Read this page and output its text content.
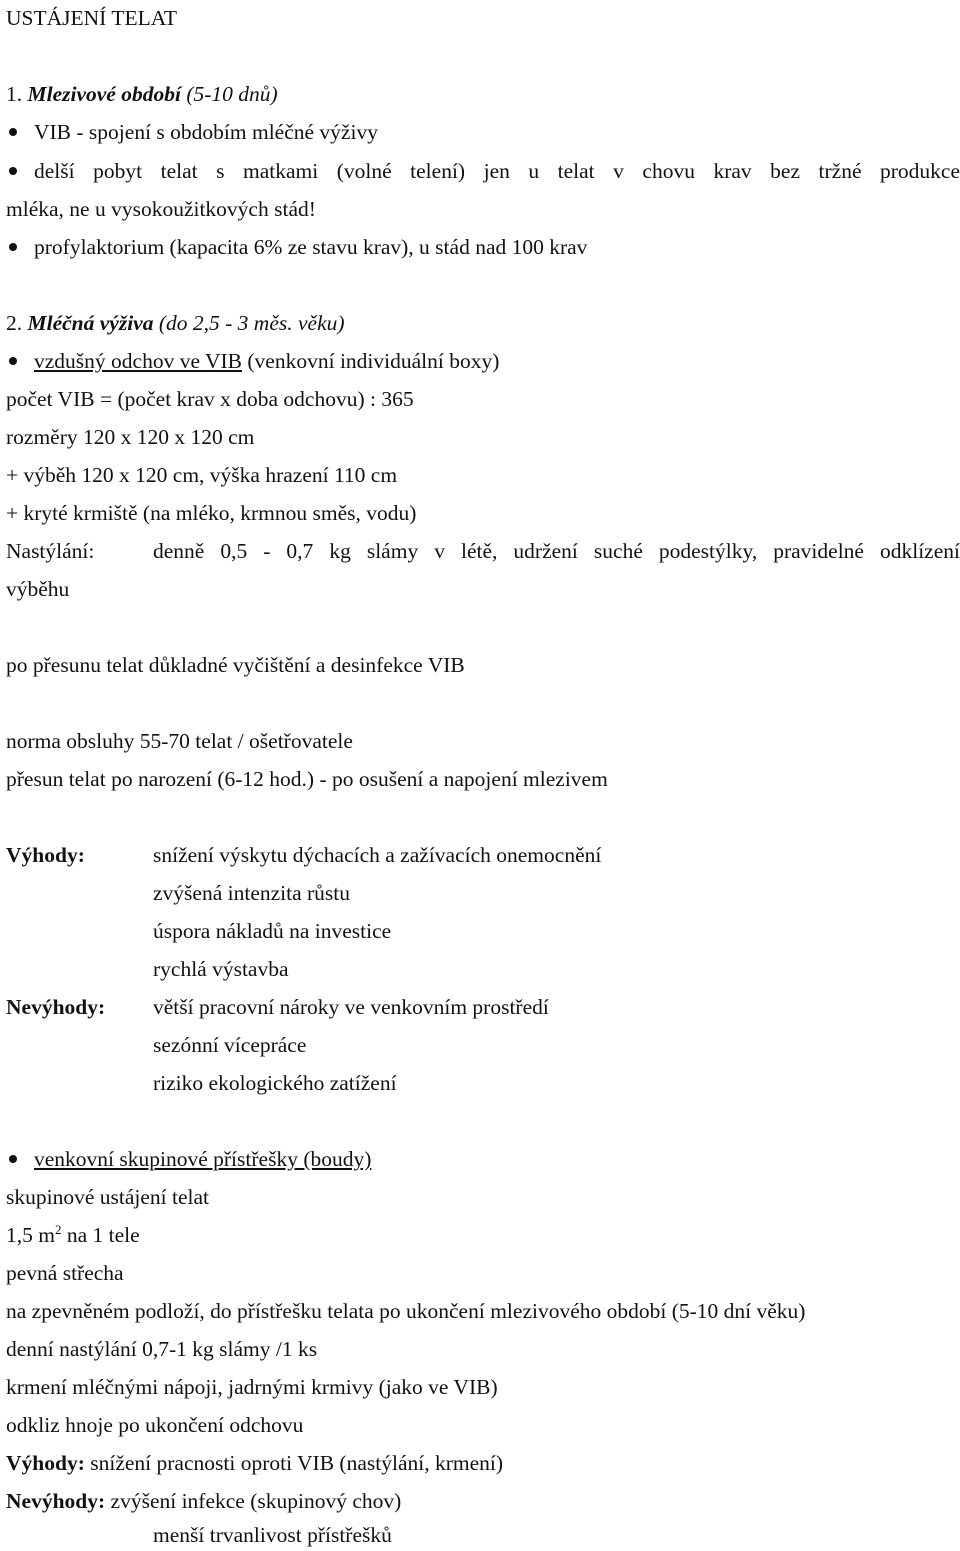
USTÁJENÍ TELAT
1. Mlezivové období (5-10 dnů)
VIB - spojení s obdobím mléčné výživy
delší pobyt telat s matkami (volné telení) jen u telat v chovu krav bez tržné produkce
mléka, ne u vysokoužitkových stád!
profylaktorium (kapacita 6% ze stavu krav), u stád nad 100 krav
2. Mléčná výživa (do 2,5 - 3 měs. věku)
vzdušný odchov ve VIB (venkovní individuální boxy)
počet VIB = (počet krav x doba odchovu) : 365
rozměry 120 x 120 x 120 cm
+ výběh 120 x 120 cm, výška hrazení 110 cm
+ kryté krmiště (na mléko, krmnou směs, vodu)
Nastýlání:	denně 0,5 - 0,7 kg slámy v létě, udržení suché podestýlky, pravidelné odklízení
výběhu
po přesunu telat důkladné vyčištění a desinfekce VIB
norma obsluhy 55-70 telat / ošetřovatele
přesun telat po narození (6-12 hod.) - po osušení a napojení mlezivem
Výhody:	snížení výskytu dýchacích a zažívacích onemocnění
zvýšená intenzita růstu
úspora nákladů na investice
rychlá výstavba
Nevýhody: větší pracovní nároky ve venkovním prostředí
sezónní vícepráce
riziko ekologického zatížení
venkovní skupinové přístřešky (boudy)
skupinové ustájení telat
1,5 $m^2$ na 1 tele
pevná střecha
na zpevněném podloží, do přístřešku telata po ukončení mlezivového období (5-10 dní věku)
denní nastýlání 0,7-1 kg slámy /1 ks
krmení mléčnými nápoji, jadrnými krmivy (jako ve VIB)
odkliz hnoje po ukončení odchovu
Výhody: snížení pracnosti oproti VIB (nastýlání, krmení)
Nevýhody: zvýšení infekce (skupinový chov)
menší trvanlivost přístřešků
